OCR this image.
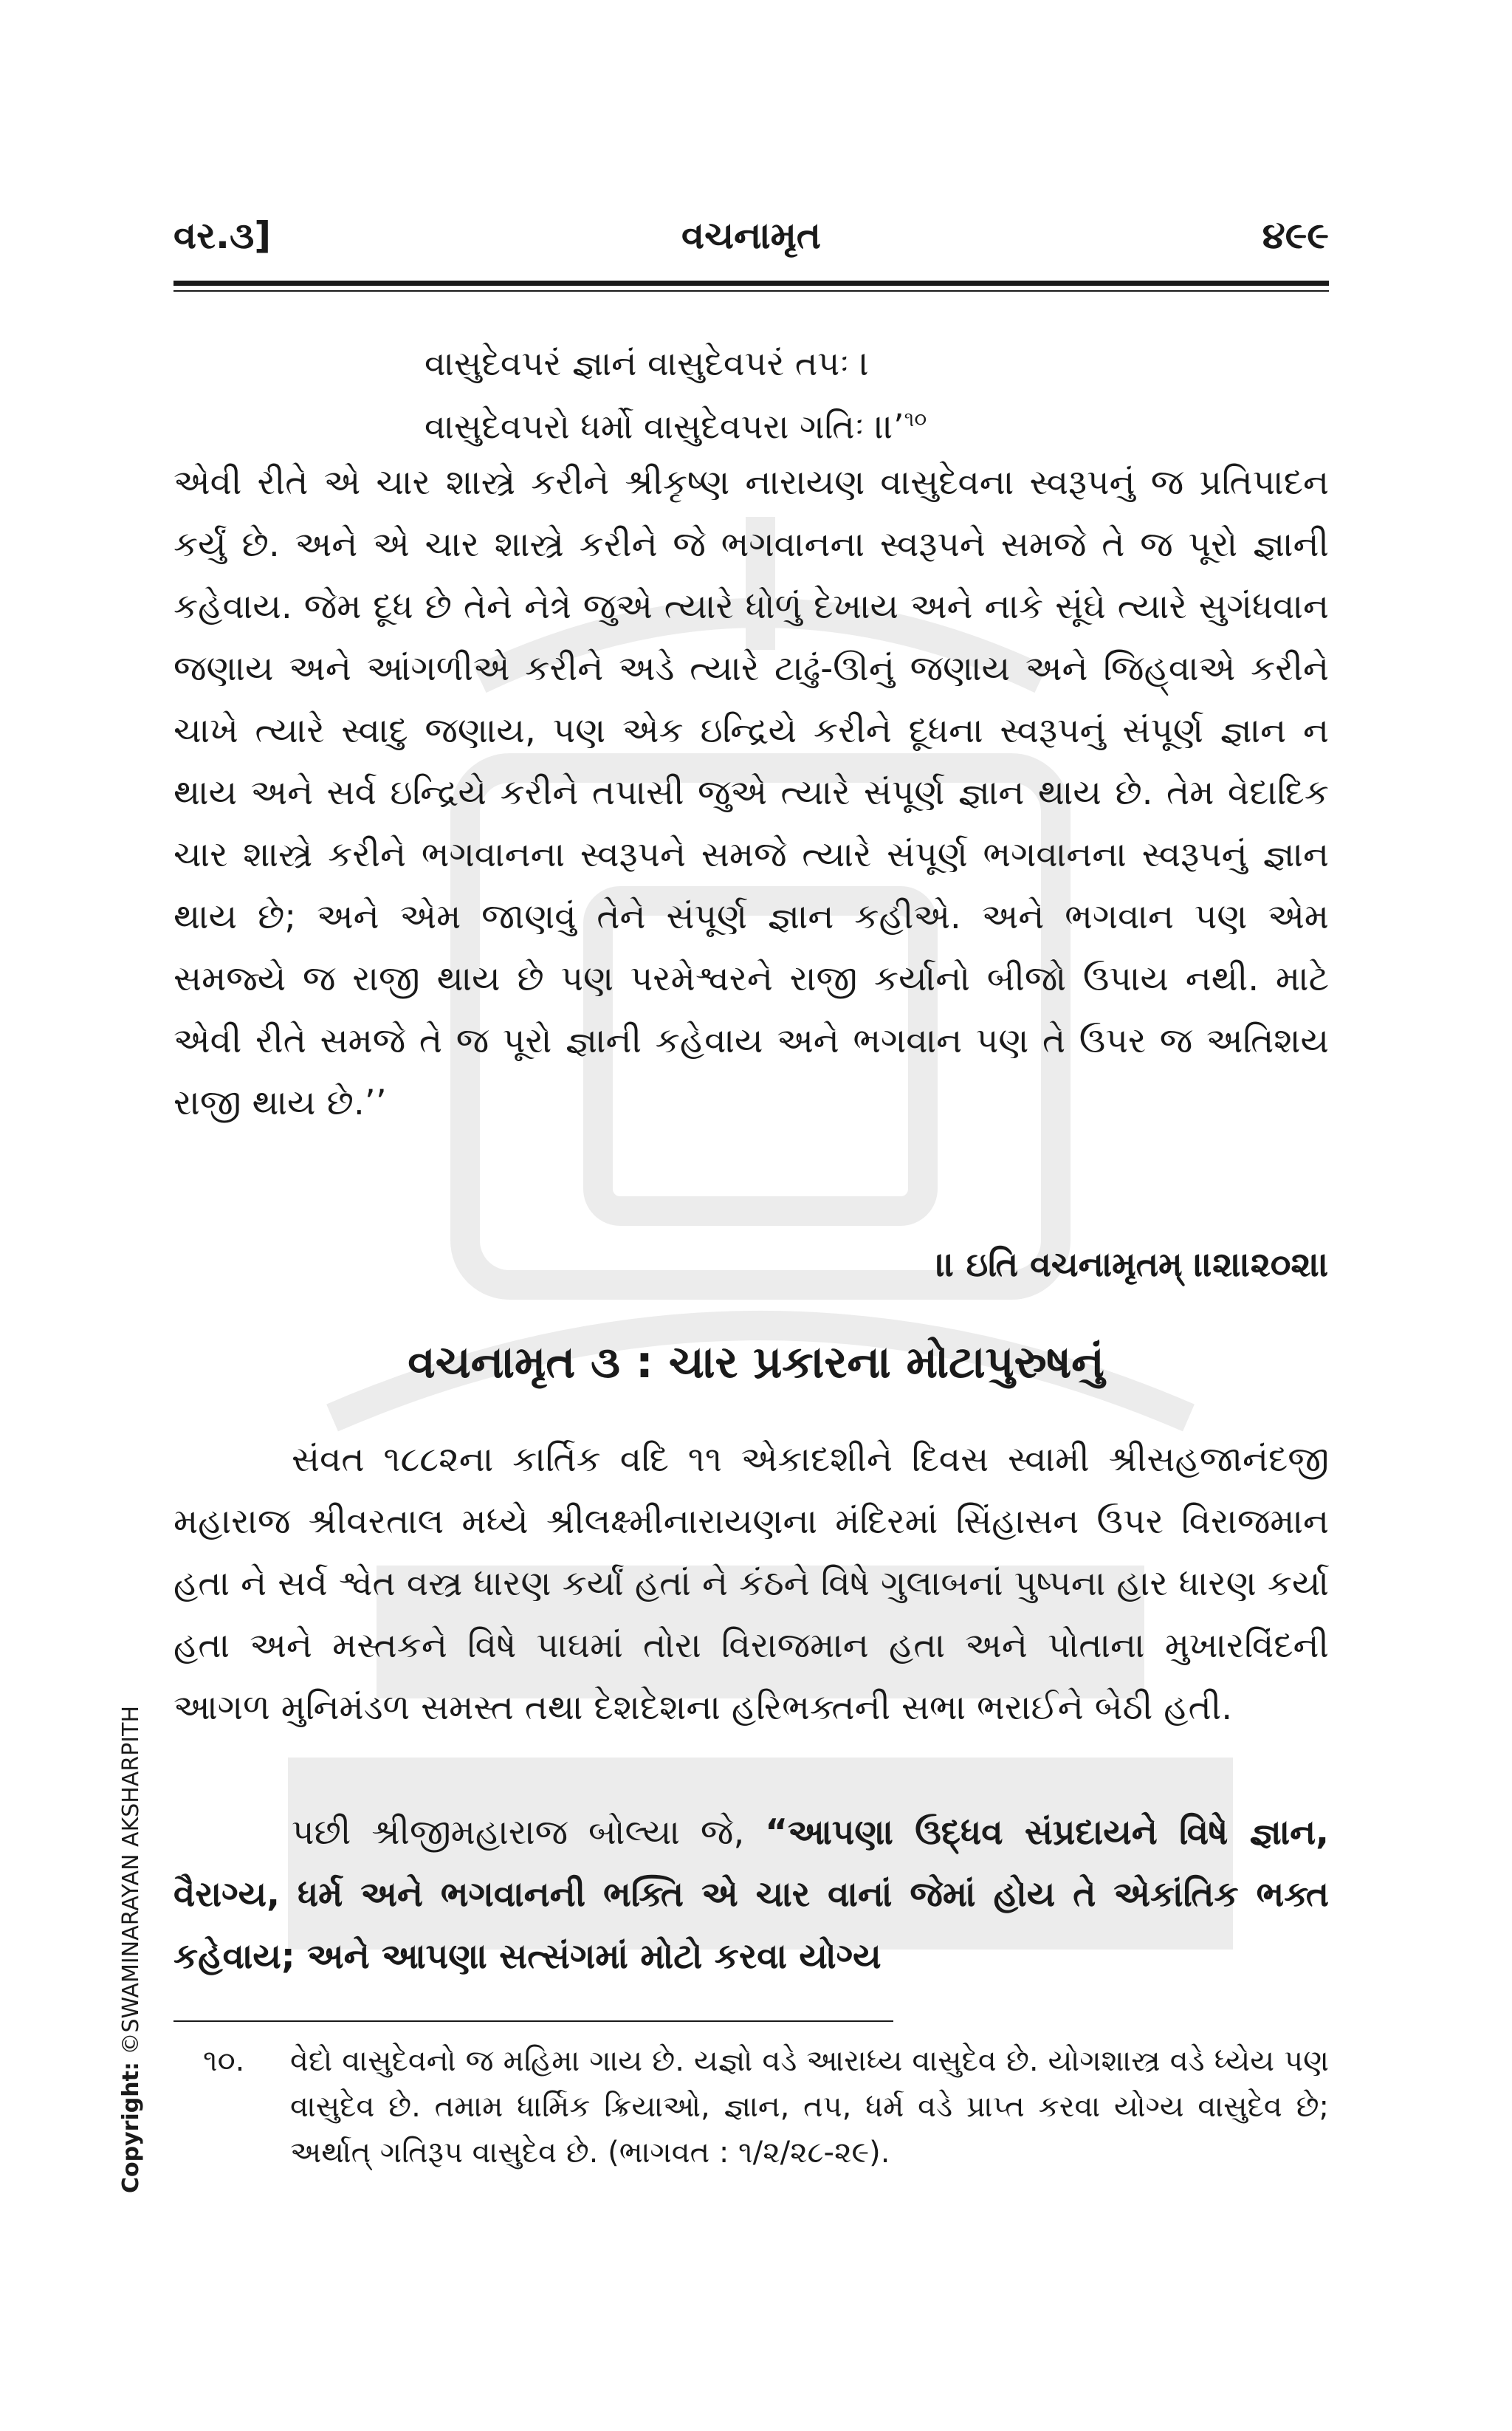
વર.૩]	વચનામૃત	૪૯૯
વાસુદેવપરં જ્ઞાનં વાસુદેવપરં તપઃ ।
વાસુદેવપરો ધર્મો વાસુદેવપરા ગતિઃ ।।’$^{૧૦}$

એવી રીતે એ ચાર શાસ્ત્રે કરીને શ્રીકૃષ્ણ નારાયણ વાસુદેવના સ્વરૂપનું જ પ્રતિપાદન કર્યું છે. અને એ ચાર શાસ્ત્રે કરીને જે ભગવાનના સ્વરૂપને સમજે તે જ પૂરો જ્ઞાની કહેવાય. જેમ દૂધ છે તેને નેત્રે જુએ ત્યારે ધોળું દેખાય અને નાકે સૂંઘે ત્યારે સુગંધવાન જણાય અને આંગળીએ કરીને અડે ત્યારે ટાઢું-ઊનું જણાય અને જિહ્‌વાએ કરીને ચાખે ત્યારે સ્વાદુ જણાય, પણ એક ઇન્દ્રિયે કરીને દૂધના સ્વરૂપનું સંપૂર્ણ જ્ઞાન ન થાય અને સર્વ ઇન્દ્રિયે કરીને તપાસી જુએ ત્યારે સંપૂર્ણ જ્ઞાન થાય છે. તેમ વેદાદિક ચાર શાસ્ત્રે કરીને ભગવાનના સ્વરૂપને સમજે ત્યારે સંપૂર્ણ ભગવાનના સ્વરૂપનું જ્ઞાન થાય છે; અને એમ જાણવું તેને સંપૂર્ણ જ્ઞાન કહીએ. અને ભગવાન પણ એમ સમજ્યે જ રાજી થાય છે પણ પરમેશ્વરને રાજી કર્યાનો બીજો ઉપાય નથી. માટે એવી રીતે સમજે તે જ પૂરો જ્ઞાની કહેવાય અને ભગવાન પણ તે ઉપર જ અતિશય રાજી થાય છે.’’

।। ઇતિ વચનામૃતમ્‌ ।।૨।।૨૦૨।।
વચનામૃત ૩ : ચાર પ્રકારના મોટાપુરુષનું

સંવત ૧૮૮૨ના કાર્તિક વદિ ૧૧ એકાદશીને દિવસ સ્વામી શ્રીસહજાનંદજી મહારાજ શ્રીવરતાલ મધ્યે શ્રીલક્ષ્મીનારાયણના મંદિરમાં સિંહાસન ઉપર વિરાજમાન હતા ને સર્વ શ્વેત વસ્ત્ર ધારણ કર્યાં હતાં ને કંઠને વિષે ગુલાબનાં પુષ્પના હાર ધારણ કર્યા હતા અને મસ્તકને વિષે પાઘમાં તોરા વિરાજમાન હતા અને પોતાના મુખારવિંદની આગળ મુનિમંડળ સમસ્ત તથા દેશદેશના હરિભક્તની સભા ભરાઈને બેઠી હતી.

પછી શ્રીજીમહારાજ બોલ્યા જે, “આપણા ઉદ્ધવ સંપ્રદાયને વિષે જ્ઞાન, વૈરાગ્ય, ધર્મ અને ભગવાનની ભક્તિ એ ચાર વાનાં જેમાં હોય તે એકાંતિક ભક્ત કહેવાય; અને આપણા સત્સંગમાં મોટો કરવા યોગ્ય

૧૦. વેદો વાસુદેવનો જ મહિમા ગાય છે. યજ્ઞો વડે આરાધ્ય વાસુદેવ છે. યોગશાસ્ત્ર વડે ધ્યેય પણ વાસુદેવ છે. તમામ ધાર્મિક ક્રિયાઓ, જ્ઞાન, તપ, ધર્મ વડે પ્રાપ્ત કરવા યોગ્ય વાસુદેવ છે; અર્થાત્‌ ગતિરૂપ વાસુદેવ છે. (ભાગવત : ૧/૨/૨૮-૨૯).
Copyright: ©SWAMINARAYAN AKSHARPITH
